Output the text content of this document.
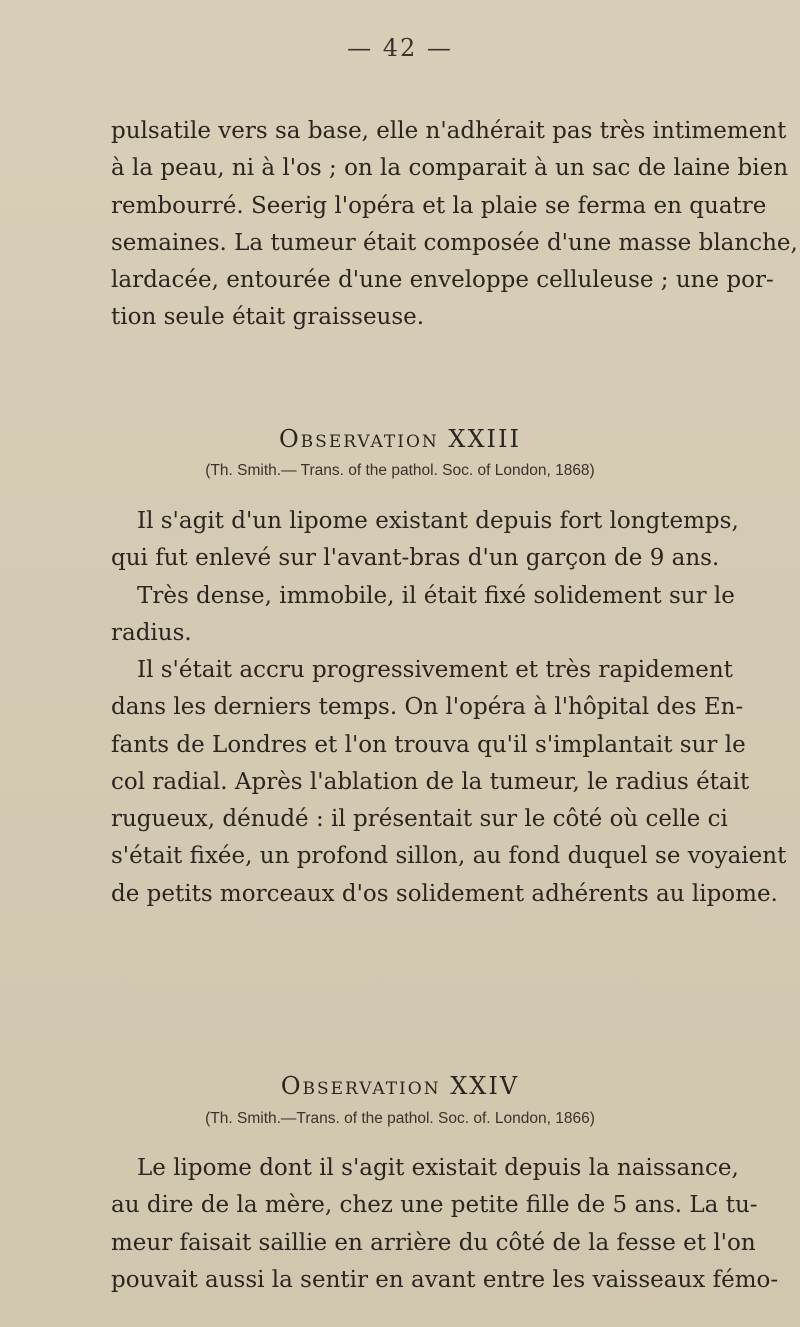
— 42 —
pulsatile vers sa base, elle n'adhérait pas très intimement
à la peau, ni à l'os ; on la comparait à un sac de laine bien
rembourré. Seerig l'opéra et la plaie se ferma en quatre
semaines. La tumeur était composée d'une masse blanche,
lardacée, entourée d'une enveloppe celluleuse ; une por-
tion seule était graisseuse.
Observation XXIII
(Th. Smith.— Trans. of the pathol. Soc. of London, 1868)
Il s'agit d'un lipome existant depuis fort longtemps,
qui fut enlevé sur l'avant-bras d'un garçon de 9 ans.
Très dense, immobile, il était fixé solidement sur le
radius.
Il s'était accru progressivement et très rapidement
dans les derniers temps. On l'opéra à l'hôpital des En-
fants de Londres et l'on trouva qu'il s'implantait sur le
col radial. Après l'ablation de la tumeur, le radius était
rugueux, dénudé : il présentait sur le côté où celle ci
s'était fixée, un profond sillon, au fond duquel se voyaient
de petits morceaux d'os solidement adhérents au lipome.
Observation XXIV
(Th. Smith.—Trans. of the pathol. Soc. of. London, 1866)
Le lipome dont il s'agit existait depuis la naissance,
au dire de la mère, chez une petite fille de 5 ans. La tu-
meur faisait saillie en arrière du côté de la fesse et l'on
pouvait aussi la sentir en avant entre les vaisseaux fémo-
